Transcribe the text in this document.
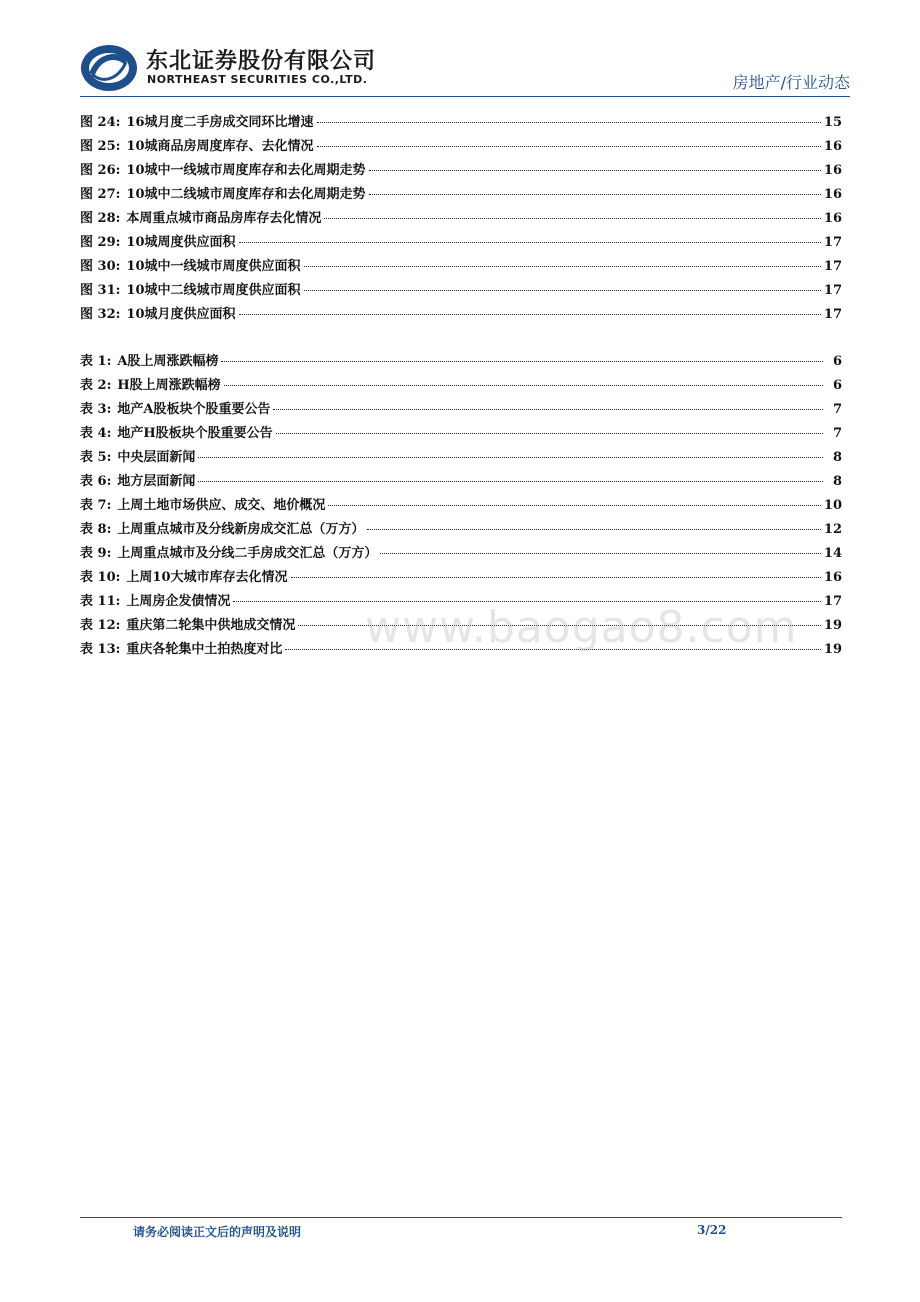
东北证券股份有限公司
NORTHEAST SECURITIES CO.,LTD.	房地产/行业动态
图 24: 16城月度二手房成交同环比增速	15
图 25: 10城商品房周度库存、去化情况	16
图 26: 10城中一线城市周度库存和去化周期走势	16
图 27: 10城中二线城市周度库存和去化周期走势	16
图 28: 本周重点城市商品房库存去化情况	16
图 29: 10城周度供应面积	17
图 30: 10城中一线城市周度供应面积	17
图 31: 10城中二线城市周度供应面积	17
图 32: 10城月度供应面积	17
表 1: A股上周涨跌幅榜	6
表 2: H股上周涨跌幅榜	6
表 3: 地产A股板块个股重要公告	7
表 4: 地产H股板块个股重要公告	7
表 5: 中央层面新闻	8
表 6: 地方层面新闻	8
表 7: 上周土地市场供应、成交、地价概况	10
表 8: 上周重点城市及分线新房成交汇总（万方）	12
表 9: 上周重点城市及分线二手房成交汇总（万方）	14
表 10: 上周10大城市库存去化情况	16
表 11: 上周房企发债情况	17
表 12: 重庆第二轮集中供地成交情况	19
表 13: 重庆各轮集中土拍热度对比	19
www.baogao8.com
请务必阅读正文后的声明及说明	3/22
